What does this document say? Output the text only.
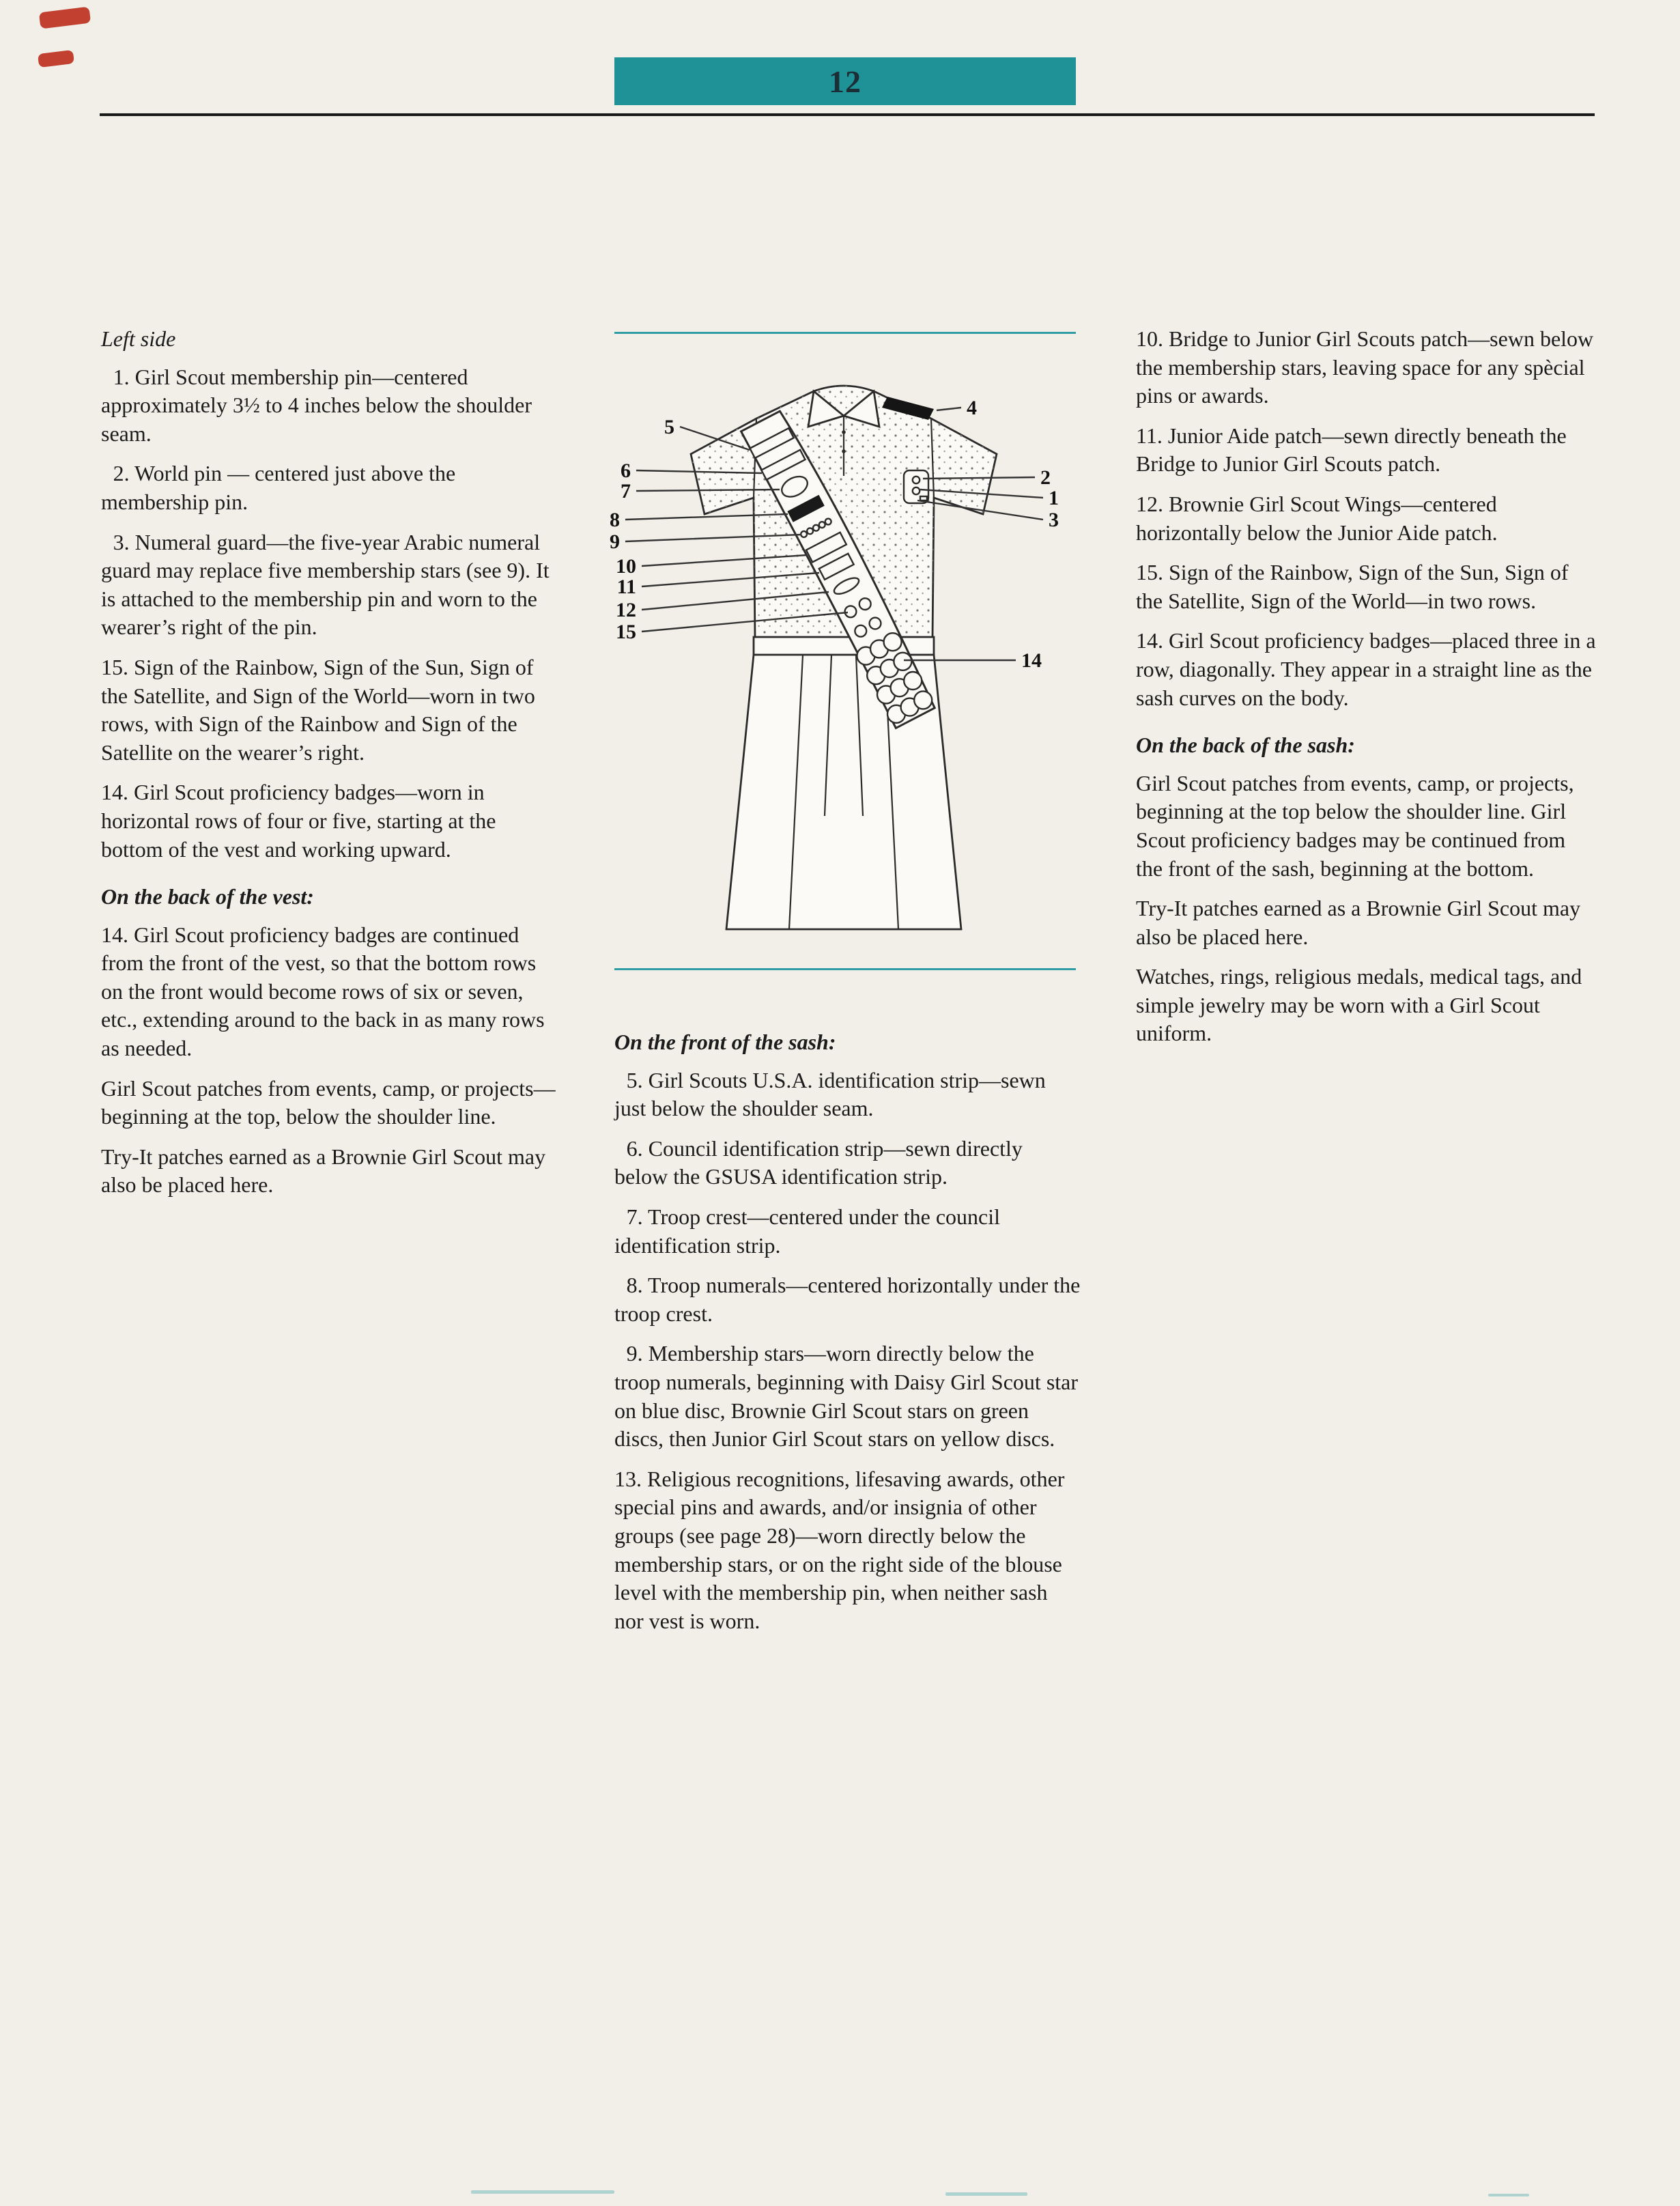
12
Left side

1. Girl Scout membership pin—centered approximately 3½ to 4 inches below the shoulder seam.

2. World pin — centered just above the membership pin.

3. Numeral guard—the five-year Arabic numeral guard may replace five membership stars (see 9). It is attached to the membership pin and worn to the wearer’s right of the pin.

15. Sign of the Rainbow, Sign of the Sun, Sign of the Satellite, and Sign of the World—worn in two rows, with Sign of the Rainbow and Sign of the Satellite on the wearer’s right.

14. Girl Scout proficiency badges—worn in horizontal rows of four or five, starting at the bottom of the vest and working upward.

On the back of the vest:

14. Girl Scout proficiency badges are continued from the front of the vest, so that the bottom rows on the front would become rows of six or seven, etc., extending around to the back in as many rows as needed.

Girl Scout patches from events, camp, or projects—beginning at the top, below the shoulder line.

Try-It patches earned as a Brownie Girl Scout may also be placed here.

5
6
7
8
9
10
11
12
15
4
2
1
3
14
On the front of the sash:

5. Girl Scouts U.S.A. identification strip—sewn just below the shoulder seam.

6. Council identification strip—sewn directly below the GSUSA identification strip.

7. Troop crest—centered under the council identification strip.

8. Troop numerals—centered horizontally under the troop crest.

9. Membership stars—worn directly below the troop numerals, beginning with Daisy Girl Scout star on blue disc, Brownie Girl Scout stars on green discs, then Junior Girl Scout stars on yellow discs.

13. Religious recognitions, lifesaving awards, other special pins and awards, and/or insignia of other groups (see page 28)—worn directly below the membership stars, or on the right side of the blouse level with the membership pin, when neither sash nor vest is worn.

10. Bridge to Junior Girl Scouts patch—sewn below the membership stars, leaving space for any spècial pins or awards.

11. Junior Aide patch—sewn directly beneath the Bridge to Junior Girl Scouts patch.

12. Brownie Girl Scout Wings—centered horizontally below the Junior Aide patch.

15. Sign of the Rainbow, Sign of the Sun, Sign of the Satellite, Sign of the World—in two rows.

14. Girl Scout proficiency badges—placed three in a row, diagonally. They appear in a straight line as the sash curves on the body.

On the back of the sash:

Girl Scout patches from events, camp, or projects, beginning at the top below the shoulder line. Girl Scout proficiency badges may be continued from the front of the sash, beginning at the bottom.

Try-It patches earned as a Brownie Girl Scout may also be placed here.

Watches, rings, religious medals, medical tags, and simple jewelry may be worn with a Girl Scout uniform.
